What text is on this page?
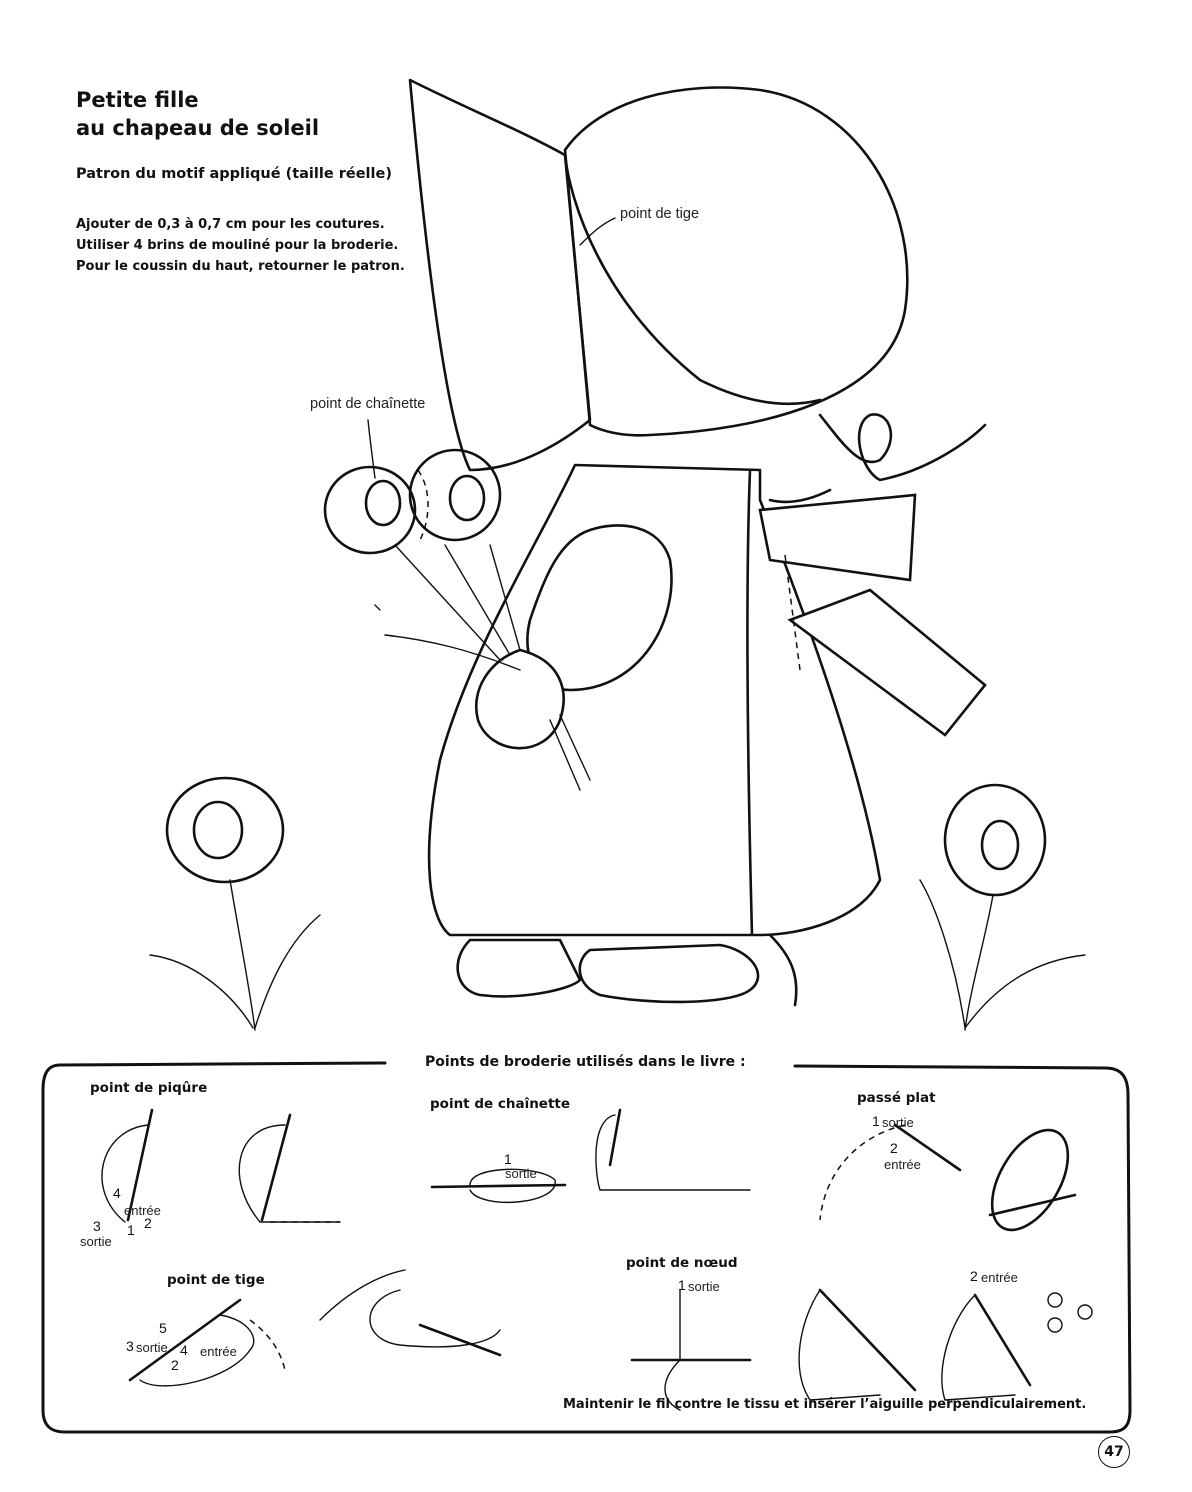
Petite fille
au chapeau de soleil
Patron du motif appliqué (taille réelle)
Ajouter de 0,3 à 0,7 cm pour les coutures.
Utiliser 4 brins de mouliné pour la broderie.
Pour le coussin du haut, retourner le patron.
point de tige
point de chaînette
Points de broderie utilisés dans le livre :
point de piqûre
4
entrée
3 1 2
sortie
point de chaînette
1
sortie
passé plat
1 sortie
2
entrée
point de tige
5
3 sortie 4 entrée
2
point de nœud
1 sortie
2 entrée
Maintenir le fil contre le tissu et insérer l’aiguille perpendiculairement.
47
